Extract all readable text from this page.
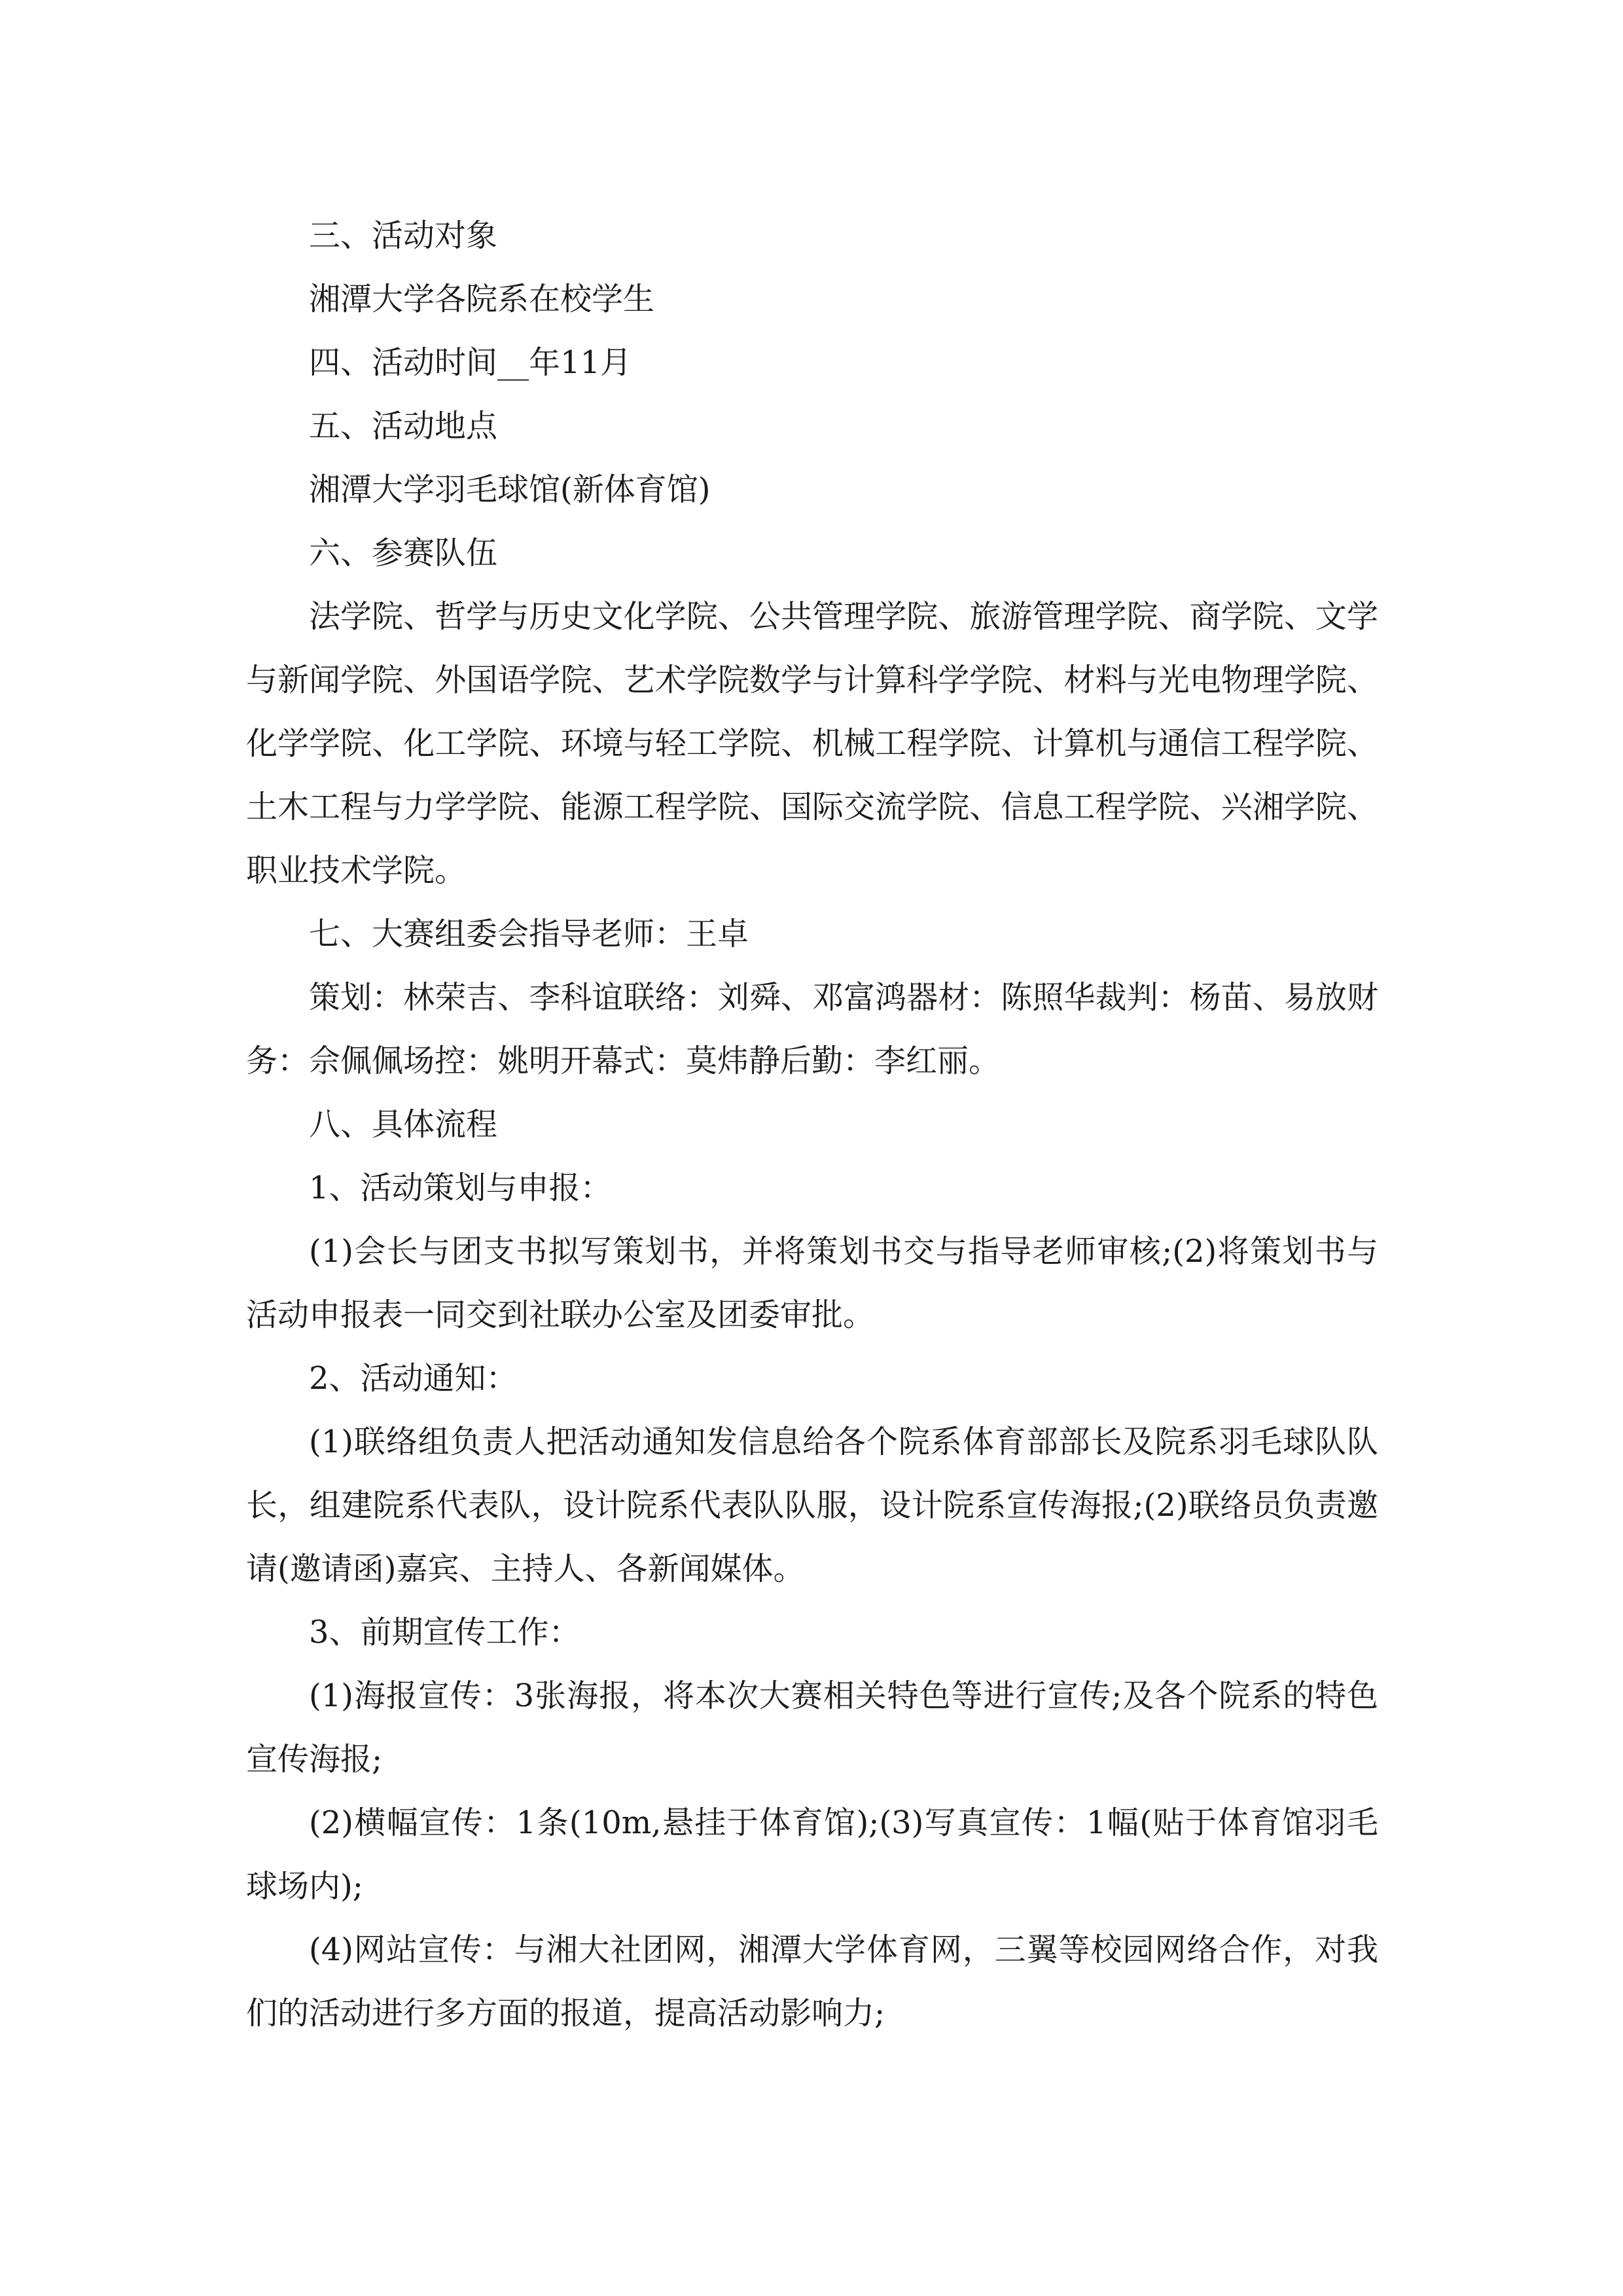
三、活动对象

湘潭大学各院系在校学生

四、活动时间__年11月

五、活动地点

湘潭大学羽毛球馆(新体育馆)

六、参赛队伍

法学院、哲学与历史文化学院、公共管理学院、旅游管理学院、商学院、文学与新闻学院、外国语学院、艺术学院数学与计算科学学院、材料与光电物理学院、化学学院、化工学院、环境与轻工学院、机械工程学院、计算机与通信工程学院、土木工程与力学学院、能源工程学院、国际交流学院、信息工程学院、兴湘学院、职业技术学院。

七、大赛组委会指导老师：王卓

策划：林荣吉、李科谊联络：刘舜、邓富鸿器材：陈照华裁判：杨苗、易放财务：佘佩佩场控：姚明开幕式：莫炜静后勤：李红丽。

八、具体流程

1、活动策划与申报：

(1)会长与团支书拟写策划书，并将策划书交与指导老师审核;(2)将策划书与活动申报表一同交到社联办公室及团委审批。

2、活动通知：

(1)联络组负责人把活动通知发信息给各个院系体育部部长及院系羽毛球队队长，组建院系代表队，设计院系代表队队服，设计院系宣传海报;(2)联络员负责邀请(邀请函)嘉宾、主持人、各新闻媒体。

3、前期宣传工作：

(1)海报宣传：3张海报，将本次大赛相关特色等进行宣传;及各个院系的特色宣传海报;

(2)横幅宣传：1条(10m,悬挂于体育馆);(3)写真宣传：1幅(贴于体育馆羽毛球场内);

(4)网站宣传：与湘大社团网，湘潭大学体育网，三翼等校园网络合作，对我们的活动进行多方面的报道，提高活动影响力;
